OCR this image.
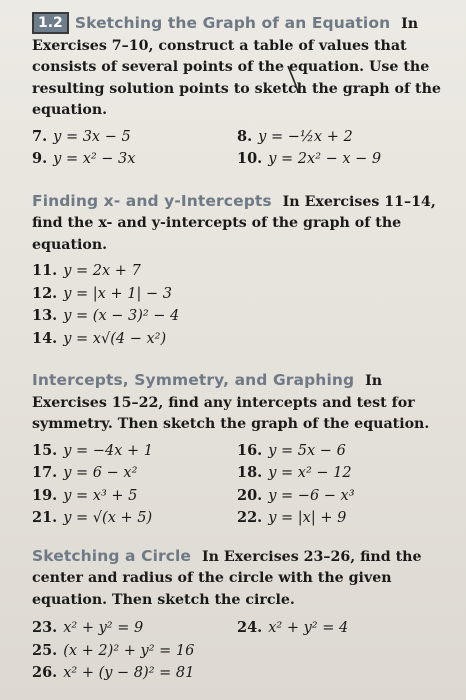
1.2 Sketching the Graph of an Equation In Exercises 7–10, construct a table of values that consists of several points of the equation. Use the resulting solution points to sketch the graph of the equation.

7. y = 3x − 5	8. y = −½x + 2
9. y = x² − 3x	10. y = 2x² − x − 9

Finding x- and y-Intercepts In Exercises 11–14, find the x- and y-intercepts of the graph of the equation.

11. y = 2x + 7
12. y = |x + 1| − 3
13. y = (x − 3)² − 4
14. y = x√(4 − x²)

Intercepts, Symmetry, and Graphing In Exercises 15–22, find any intercepts and test for symmetry. Then sketch the graph of the equation.

15. y = −4x + 1	16. y = 5x − 6
17. y = 6 − x²	18. y = x² − 12
19. y = x³ + 5	20. y = −6 − x³
21. y = √(x + 5)	22. y = |x| + 9

Sketching a Circle In Exercises 23–26, find the center and radius of the circle with the given equation. Then sketch the circle.

23. x² + y² = 9	24. x² + y² = 4
25. (x + 2)² + y² = 16
26. x² + (y − 8)² = 81
